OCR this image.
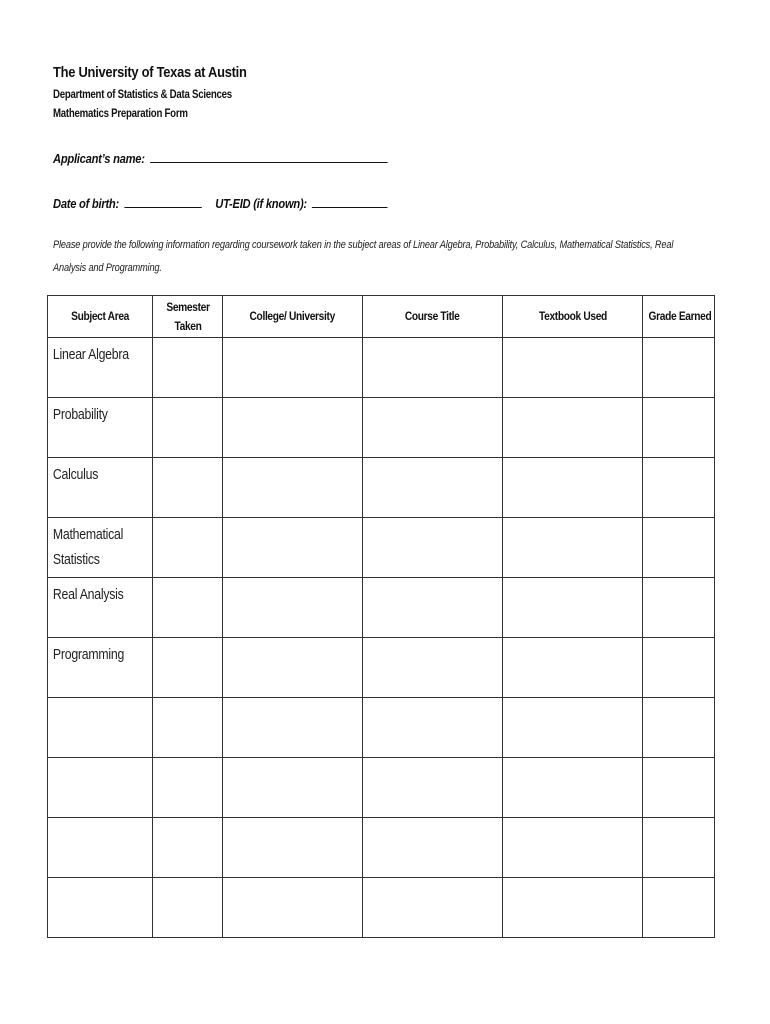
The University of Texas at Austin
Department of Statistics & Data Sciences
Mathematics Preparation Form
Applicant’s name:
Date of birth:	UT-EID (if known):
Please provide the following information regarding coursework taken in the subject areas of Linear Algebra, Probability, Calculus, Mathematical Statistics, Real Analysis and Programming.
Subject Area	Semester Taken	College/ University	Course Title	Textbook Used	Grade Earned

Linear Algebra					

Probability					

Calculus					

Mathematical
Statistics					

Real Analysis					

Programming					
